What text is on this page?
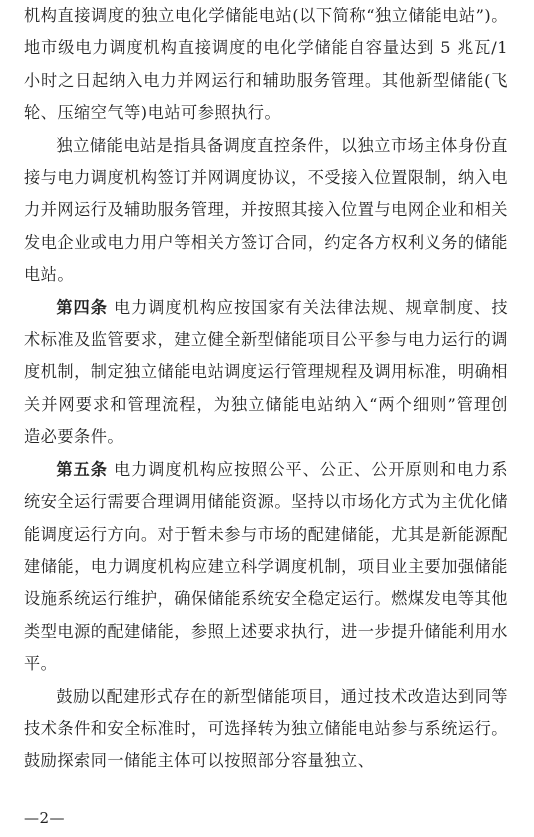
机构直接调度的独立电化学储能电站(以下简称“独立储能电站”)。地市级电力调度机构直接调度的电化学储能自容量达到 5 兆瓦/1 小时之日起纳入电力并网运行和辅助服务管理。其他新型储能(飞轮、压缩空气等)电站可参照执行。

独立储能电站是指具备调度直控条件，以独立市场主体身份直接与电力调度机构签订并网调度协议，不受接入位置限制，纳入电力并网运行及辅助服务管理，并按照其接入位置与电网企业和相关发电企业或电力用户等相关方签订合同，约定各方权利义务的储能电站。

第四条 电力调度机构应按国家有关法律法规、规章制度、技术标准及监管要求，建立健全新型储能项目公平参与电力运行的调度机制，制定独立储能电站调度运行管理规程及调用标准，明确相关并网要求和管理流程，为独立储能电站纳入“两个细则”管理创造必要条件。

第五条 电力调度机构应按照公平、公正、公开原则和电力系统安全运行需要合理调用储能资源。坚持以市场化方式为主优化储能调度运行方向。对于暂未参与市场的配建储能，尤其是新能源配建储能，电力调度机构应建立科学调度机制，项目业主要加强储能设施系统运行维护，确保储能系统安全稳定运行。燃煤发电等其他类型电源的配建储能，参照上述要求执行，进一步提升储能利用水平。

鼓励以配建形式存在的新型储能项目，通过技术改造达到同等技术条件和安全标准时，可选择转为独立储能电站参与系统运行。鼓励探索同一储能主体可以按照部分容量独立、

—2—
